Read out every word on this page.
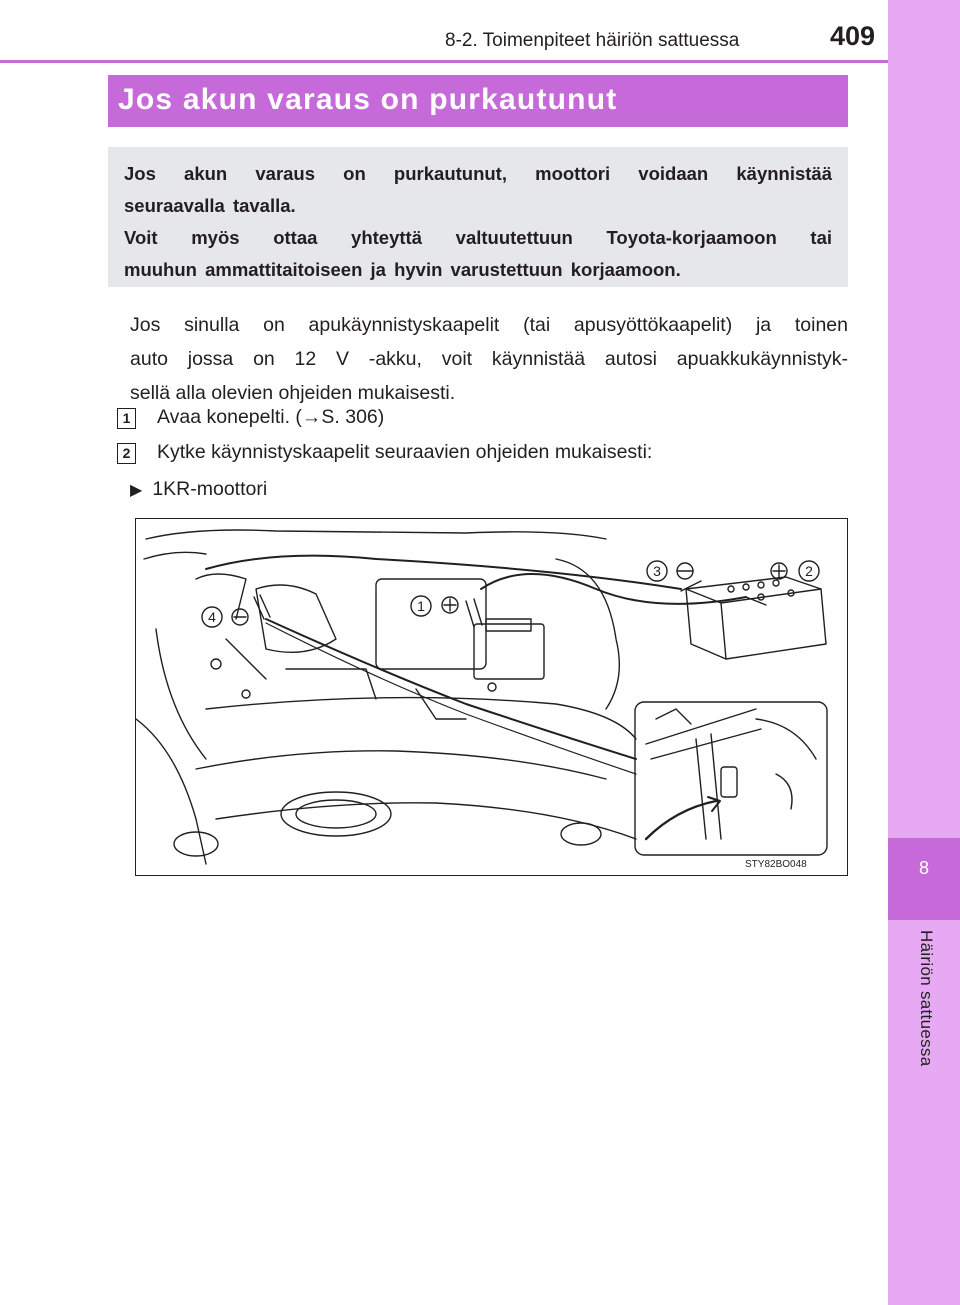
8
Häiriön sattuessa
8-2. Toimenpiteet häiriön sattuessa	409
Jos akun varaus on purkautunut

Jos akun varaus on purkautunut, moottori voidaan käynnistää

seuraavalla tavalla.

Voit myös ottaa yhteyttä valtuutettuun Toyota-korjaamoon tai

muuhun ammattitaitoiseen ja hyvin varustettuun korjaamoon.

Jos sinulla on apukäynnistyskaapelit (tai apusyöttökaapelit) ja toinen

auto jossa on 12 V -akku, voit käynnistää autosi apuakkukäynnistyk-

sellä alla olevien ohjeiden mukaisesti.

1 Avaa konepelti. (→S. 306)
2 Kytke käynnistyskaapelit seuraavien ohjeiden mukaisesti:
▶ 1KR-moottori
1
2
3
4
STY82BO048
